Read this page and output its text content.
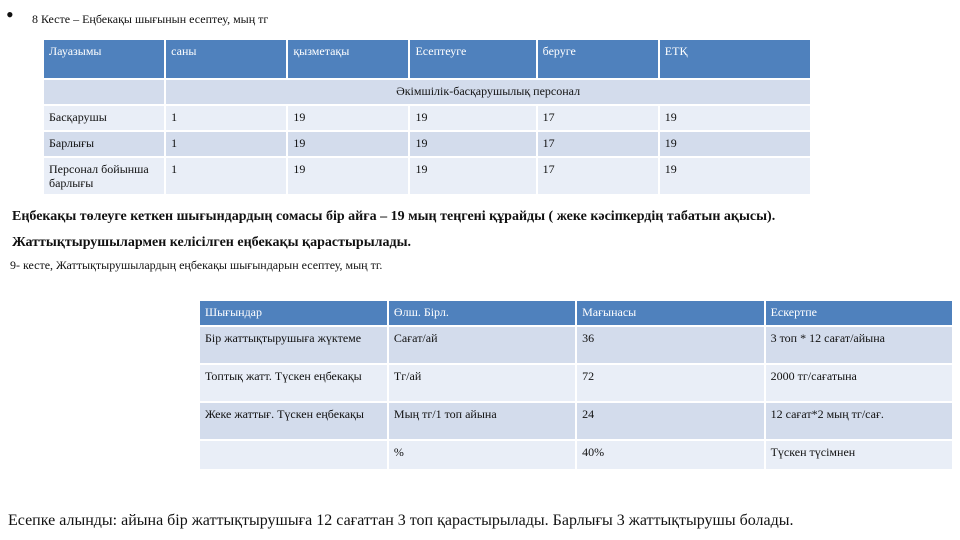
• 8 Кесте – Еңбекақы шығынын есептеу, мың тг
Лауазымы	саны	қызметақы	Есептеуге	беруге	ЕТҚ
	Әкімшілік-басқарушылық персонал				
Басқарушы	1	19	19	17	19
Барлығы	1	19	19	17	19
Персонал бойынша барлығы	1	19	19	17	19
Еңбекақы төлеуге кеткен шығындардың сомасы бір айға – 19 мың теңгені құрайды ( жеке кәсіпкердің табатын ақысы).
Жаттықтырушылармен келісілген еңбекақы қарастырылады.
9- кесте, Жаттықтырушылардың еңбекақы шығындарын есептеу, мың тг.
Шығындар	Өлш. Бірл.	Мағынасы	Ескертпе
Бір жаттықтырушыға жүктеме	Сағат/ай	36	3 топ * 12 сағат/айына
Топтық жатт. Түскен еңбекақы	Тг/ай	72	2000 тг/сағатына
Жеке жаттығ. Түскен еңбекақы	Мың тг/1 топ айына	24	12 сағат*2 мың тг/сағ.
	%	40%	Түскен түсімнен
Есепке алынды: айына бір жаттықтырушыға 12 сағаттан 3 топ қарастырылады. Барлығы 3 жаттықтырушы болады.
